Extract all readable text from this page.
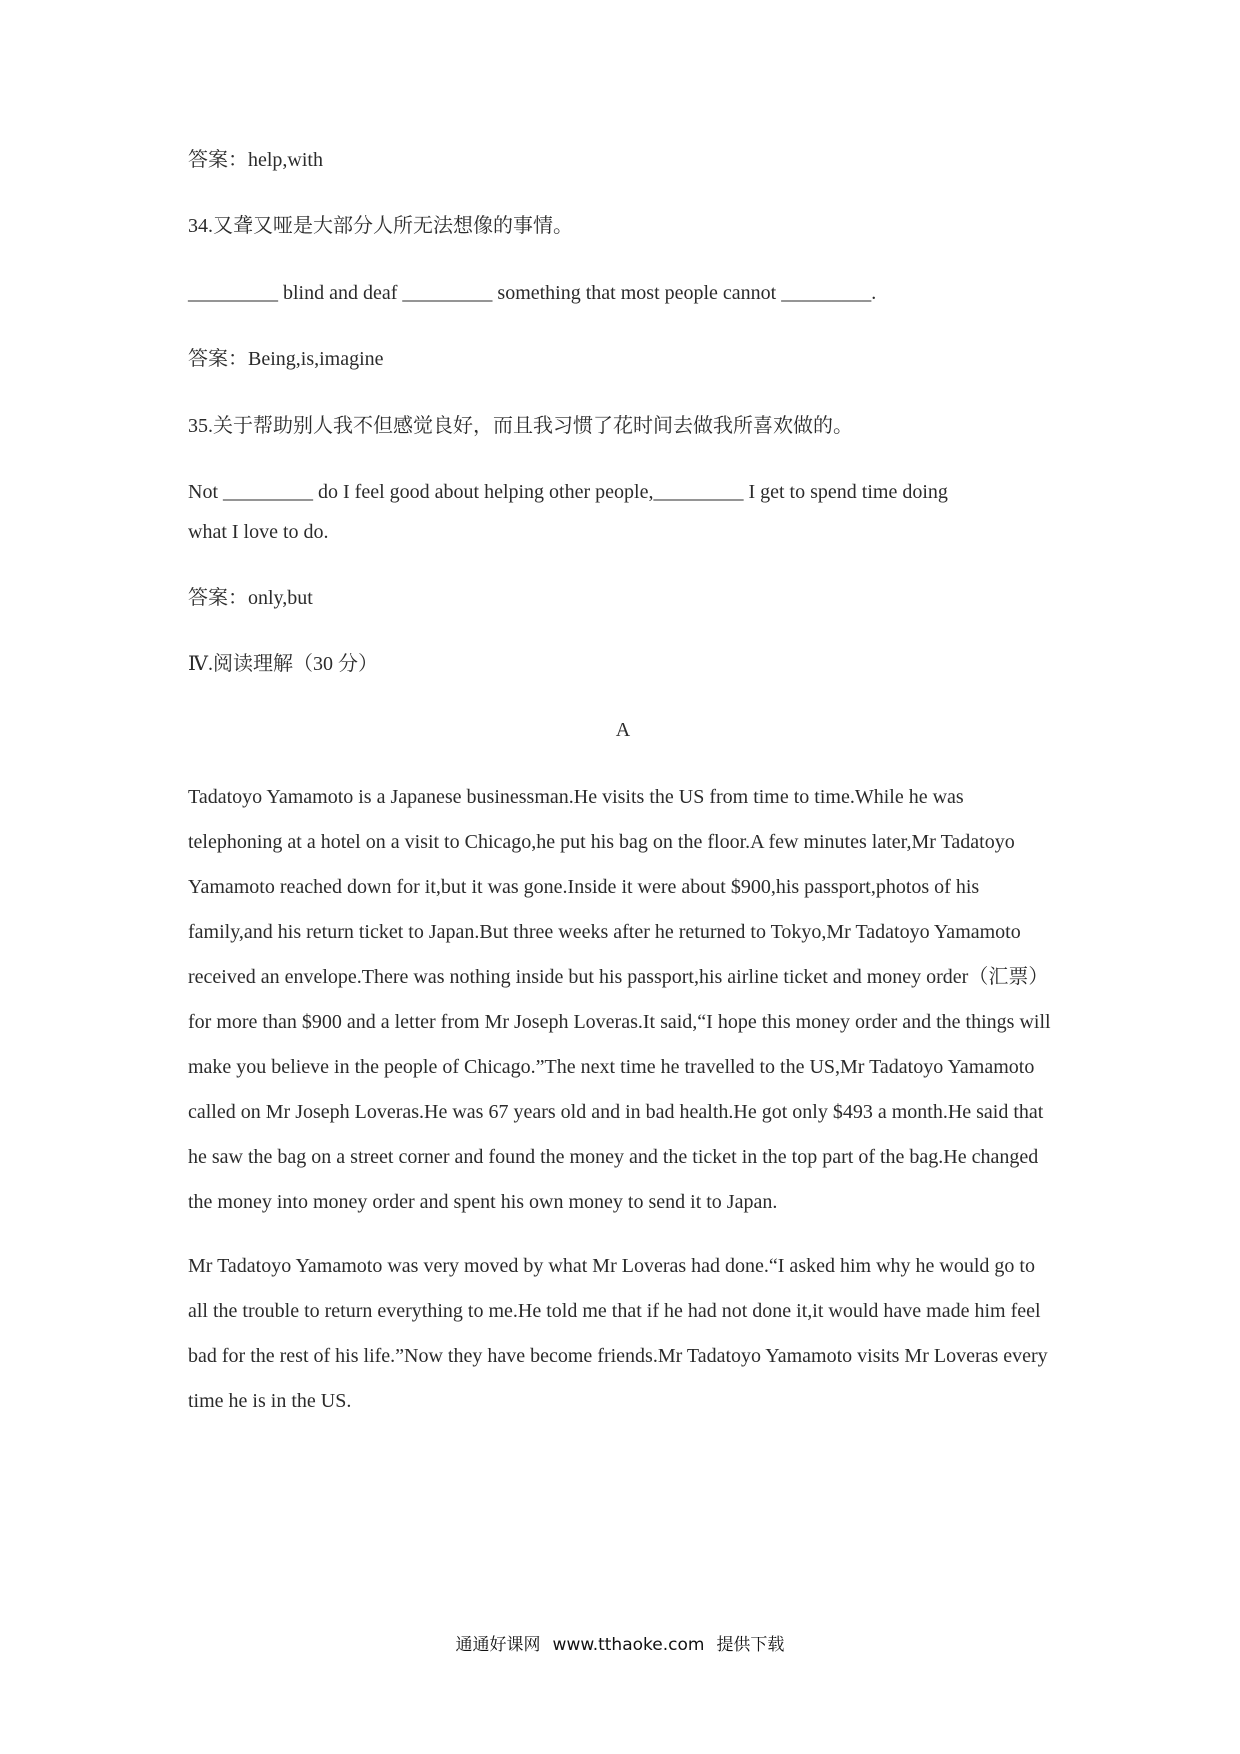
答案：help,with
34.又聋又哑是大部分人所无法想像的事情。
_________ blind and deaf _________ something that most people cannot _________.
答案：Being,is,imagine
35.关于帮助别人我不但感觉良好，而且我习惯了花时间去做我所喜欢做的。
Not _________ do I feel good about helping other people,_________ I get to spend time doing
what I love to do.
答案：only,but
Ⅳ.阅读理解（30 分）
A
Tadatoyo Yamamoto is a Japanese businessman.He visits the US from time to time.While he was telephoning at a hotel on a visit to Chicago,he put his bag on the floor.A few minutes later,Mr Tadatoyo Yamamoto reached down for it,but it was gone.Inside it were about $900,his passport,photos of his family,and his return ticket to Japan.But three weeks after he returned to Tokyo,Mr Tadatoyo Yamamoto received an envelope.There was nothing inside but his passport,his airline ticket and money order（汇票） for more than $900 and a letter from Mr Joseph Loveras.It said,“I hope this money order and the things will make you believe in the people of Chicago.”The next time he travelled to the US,Mr Tadatoyo Yamamoto called on Mr Joseph Loveras.He was 67 years old and in bad health.He got only $493 a month.He said that he saw the bag on a street corner and found the money and the ticket in the top part of the bag.He changed the money into money order and spent his own money to send it to Japan.
Mr Tadatoyo Yamamoto was very moved by what Mr Loveras had done.“I asked him why he would go to all the trouble to return everything to me.He told me that if he had not done it,it would have made him feel bad for the rest of his life.”Now they have become friends.Mr Tadatoyo Yamamoto visits Mr Loveras every time he is in the US.
通通好课网 www.tthaoke.com 提供下载
